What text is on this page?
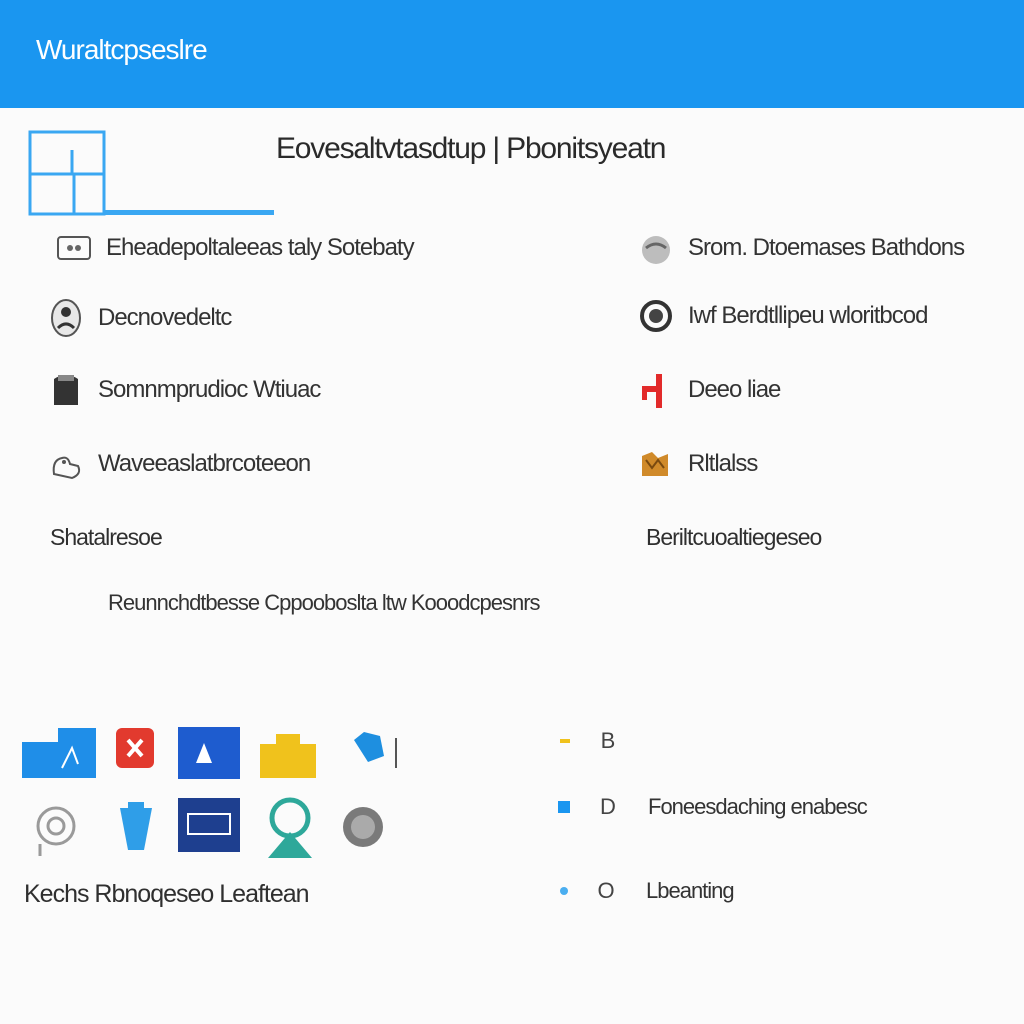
Wuraltcpseslre
Eovesaltvtasdtup | Pbonitsyeatn
Eheadepoltaleeas taly Sotebaty
Decnovedeltc
Somnmprudioc Wtiuac
Waveeaslatbrcoteeon
Srom. Dtoemases Bathdons
Iwf Berdtllipeu wloritbcod
Deeo liae
Rltlalss
Shatalresoe	Beriltcuoaltiegeseo
Reunnchdtbesse Cppooboslta ltw Kooodcpesnrs
Kechs Rbnoqeseo Leaftean
B
D Foneesdaching enabesc
O Lbeanting
